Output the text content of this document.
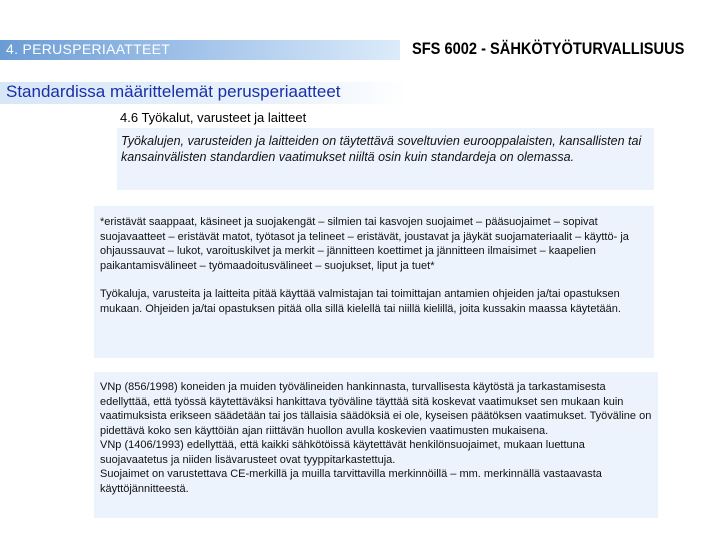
4. PERUSPERIAATTEET	SFS 6002 - SÄHKÖTYÖTURVALLISUUS
Standardissa määrittelemät perusperiaatteet
4.6 Työkalut, varusteet ja laitteet
Työkalujen, varusteiden ja laitteiden on täytettävä soveltuvien eurooppalaisten, kansallisten tai kansainvälisten standardien vaatimukset niiltä osin kuin standardeja on olemassa.

*eristävät saappaat, käsineet ja suojakengät – silmien tai kasvojen suojaimet – pääsuojaimet – sopivat suojavaatteet – eristävät matot, työtasot ja telineet – eristävät, joustavat ja jäykät suojamateriaalit – käyttö- ja ohjaussauvat – lukot, varoituskilvet ja merkit – jännitteen koettimet ja jännitteen ilmaisimet – kaapelien paikantamisvälineet – työmaadoitusvälineet – suojukset, liput ja tuet*

Työkaluja, varusteita ja laitteita pitää käyttää valmistajan tai toimittajan antamien ohjeiden ja/tai opastuksen mukaan. Ohjeiden ja/tai opastuksen pitää olla sillä kielellä tai niillä kielillä, joita kussakin maassa käytetään.

VNp (856/1998) koneiden ja muiden työvälineiden hankinnasta, turvallisesta käytöstä ja tarkastamisesta edellyttää, että työssä käytettäväksi hankittava työväline täyttää sitä koskevat vaatimukset sen mukaan kuin vaatimuksista erikseen säädetään tai jos tällaisia säädöksiä ei ole, kyseisen päätöksen vaatimukset. Työväline on pidettävä koko sen käyttöiän ajan riittävän huollon avulla koskevien vaatimusten mukaisena.

VNp (1406/1993) edellyttää, että kaikki sähkötöissä käytettävät henkilönsuojaimet, mukaan luettuna suojavaatetus ja niiden lisävarusteet ovat tyyppitarkastettuja.

Suojaimet on varustettava CE-merkillä ja muilla tarvittavilla merkinnöillä – mm. merkinnällä vastaavasta käyttöjännitteestä.
